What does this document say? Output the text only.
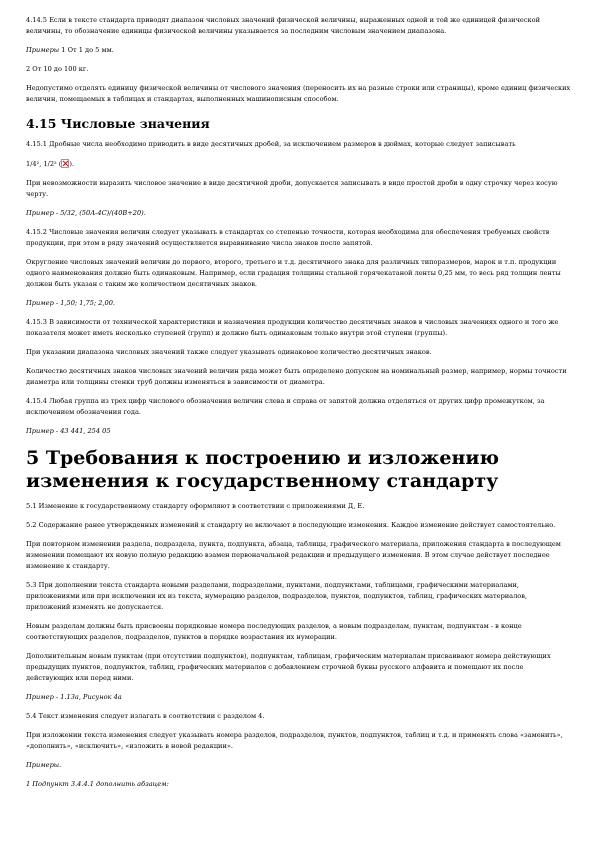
4.14.5 Если в тексте стандарта приводят диапазон числовых значений физической величины, выраженных одной и той же единицей физической величины, то обозначение единицы физической величины указывается за последним числовым значением диапазона.

Примеры 1 От 1 до 5 мм.

2 От 10 до 100 кг.

Недопустимо отделять единицу физической величины от числового значения (переносить их на разные строки или страницы), кроме единиц физических величин, помещаемых в таблицах и стандартах, выполненных машинописным способом.

4.15 Числовые значения

4.15.1 Дробные числа необходимо приводить в виде десятичных дробей, за исключением размеров в дюймах, которые следует записывать

1/4², 1/2² ( ).

При невозможности выразить числовое значение в виде десятичной дроби, допускается записывать в виде простой дроби в одну строчку через косую черту.

Пример - 5/32, (50А-4С)/(40В+20).

4.15.2 Числовые значения величин следует указывать в стандартах со степенью точности, которая необходима для обеспечения требуемых свойств продукции, при этом в ряду значений осуществляется выравнивание числа знаков после запятой.

Округление числовых значений величин до первого, второго, третьего и т.д. десятичного знака для различных типоразмеров, марок и т.п. продукции одного наименования должно быть одинаковым. Например, если градация толщины стальной горячекатаной ленты 0,25 мм, то весь ряд толщин ленты должен быть указан с таким же количеством десятичных знаков.

Пример - 1,50; 1,75; 2,00.

4.15.3 В зависимости от технической характеристики и назначения продукции количество десятичных знаков в числовых значениях одного и того же показателя может иметь несколько ступеней (групп) и должно быть одинаковым только внутри этой ступени (группы).

При указании диапазона числовых значений также следует указывать одинаковое количество десятичных знаков.

Количество десятичных знаков числовых значений величин ряда может быть определено допуском на номинальный размер, например, нормы точности диаметра или толщины стенки труб должны изменяться в зависимости от диаметра.

4.15.4 Любая группа из трех цифр числового обозначения величин слева и справа от запятой должна отделяться от других цифр промежутком, за исключением обозначения года.

Пример - 43 441, 254 05

5 Требования к построению и изложению изменения к государственному стандарту

5.1 Изменение к государственному стандарту оформляют в соответствии с приложениями Д, Е.

5.2 Содержание ранее утвержденных изменений к стандарту не включают в последующие изменения. Каждое изменение действует самостоятельно.

При повторном изменении раздела, подраздела, пункта, подпункта, абзаца, таблицы, графического материала, приложения стандарта в последующем изменении помещают их новую полную редакцию взамен первоначальной редакции и предыдущего изменения. В этом случае действует последнее изменение к стандарту.

5.3 При дополнении текста стандарта новыми разделами, подразделами, пунктами, подпунктами, таблицами, графическими материалами, приложениями или при исключении их из текста, нумерацию разделов, подразделов, пунктов, подпунктов, таблиц, графических материалов, приложений изменять не допускается.

Новым разделам должны быть присвоены порядковые номера последующих разделов, а новым подразделам, пунктам, подпунктам - в конце соответствующих разделов, подразделов, пунктов в порядке возрастания их нумерации.

Дополнительным новым пунктам (при отсутствии подпунктов), подпунктам, таблицам, графическим материалам присваивают номера действующих предыдущих пунктов, подпунктов, таблиц, графических материалов с добавлением строчной буквы русского алфавита и помещают их после действующих или перед ними.

Пример - 1.13а, Рисунок 4а

5.4 Текст изменения следует излагать в соответствии с разделом 4.

При изложении текста изменения следует указывать номера разделов, подразделов, пунктов, подпунктов, таблиц и т.д. и применять слова «заменить», «дополнить», «исключить», «изложить в новой редакции».

Примеры.

1 Подпункт 3.4.4.1 дополнить абзацем:
